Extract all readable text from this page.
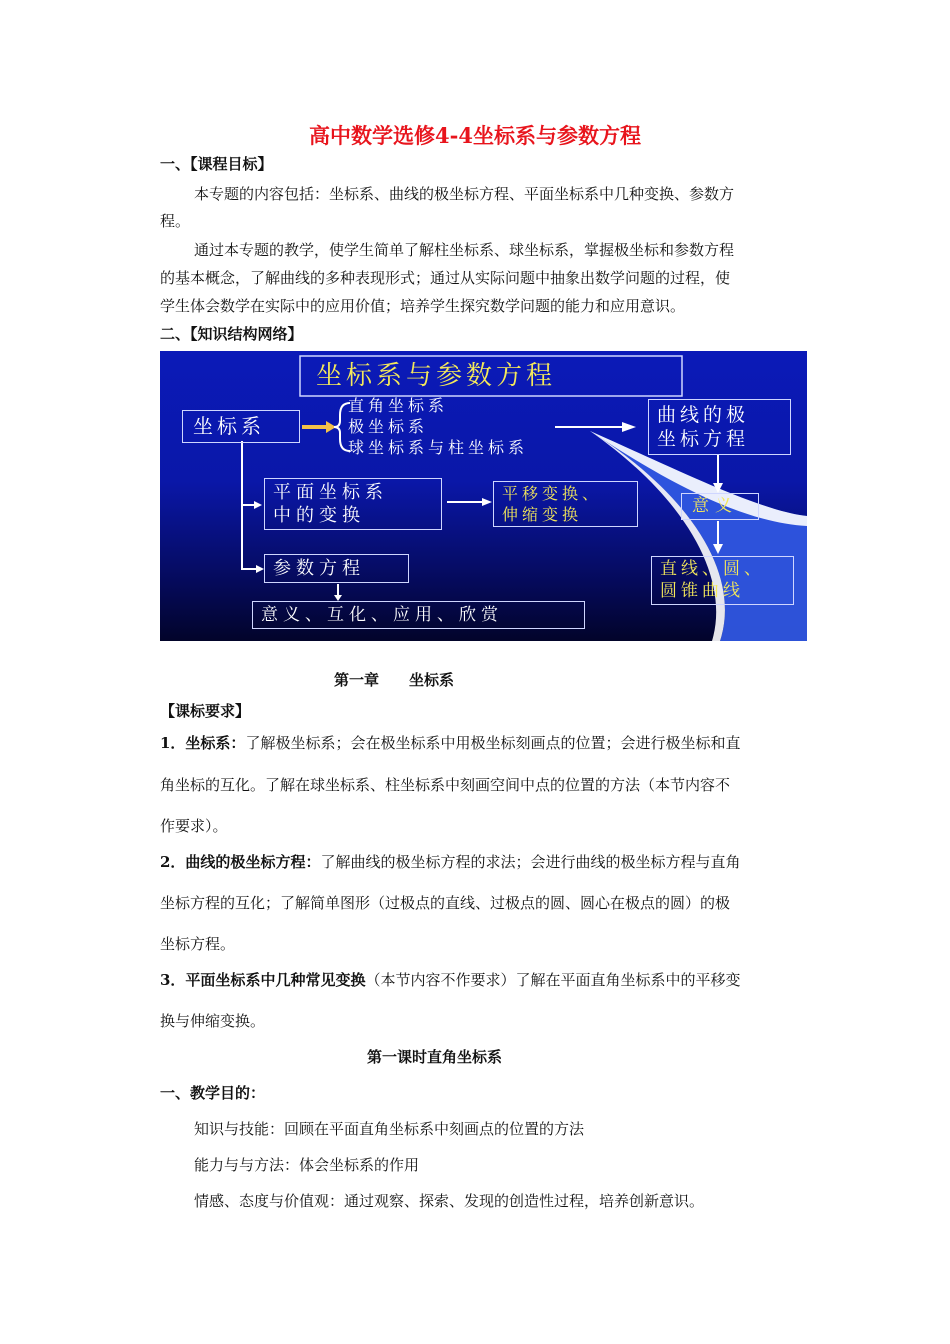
高中数学选修4-4坐标系与参数方程
一、【课程目标】
本专题的内容包括：坐标系、曲线的极坐标方程、平面坐标系中几种变换、参数方
程。
通过本专题的教学，使学生简单了解柱坐标系、球坐标系，掌握极坐标和参数方程
的基本概念，了解曲线的多种表现形式；通过从实际问题中抽象出数学问题的过程，使
学生体会数学在实际中的应用价值；培养学生探究数学问题的能力和应用意识。
二、【知识结构网络】
坐标系与参数方程
坐标系
直角坐标系
极坐标系
球坐标系与柱坐标系
曲线的极
坐标方程
平面坐标系
中的变换
平移变换、
伸缩变换	意义
参数方程
意义、互化、应用、欣赏
直线、圆、
圆锥曲线
第一章　　坐标系
【课标要求】
1．坐标系：了解极坐标系；会在极坐标系中用极坐标刻画点的位置；会进行极坐标和直
角坐标的互化。了解在球坐标系、柱坐标系中刻画空间中点的位置的方法（本节内容不
作要求）。
2．曲线的极坐标方程：了解曲线的极坐标方程的求法；会进行曲线的极坐标方程与直角
坐标方程的互化；了解简单图形（过极点的直线、过极点的圆、圆心在极点的圆）的极
坐标方程。
3．平面坐标系中几种常见变换（本节内容不作要求）了解在平面直角坐标系中的平移变
换与伸缩变换。
第一课时直角坐标系
一、教学目的：
知识与技能：回顾在平面直角坐标系中刻画点的位置的方法
能力与与方法：体会坐标系的作用
情感、态度与价值观：通过观察、探索、发现的创造性过程，培养创新意识。
